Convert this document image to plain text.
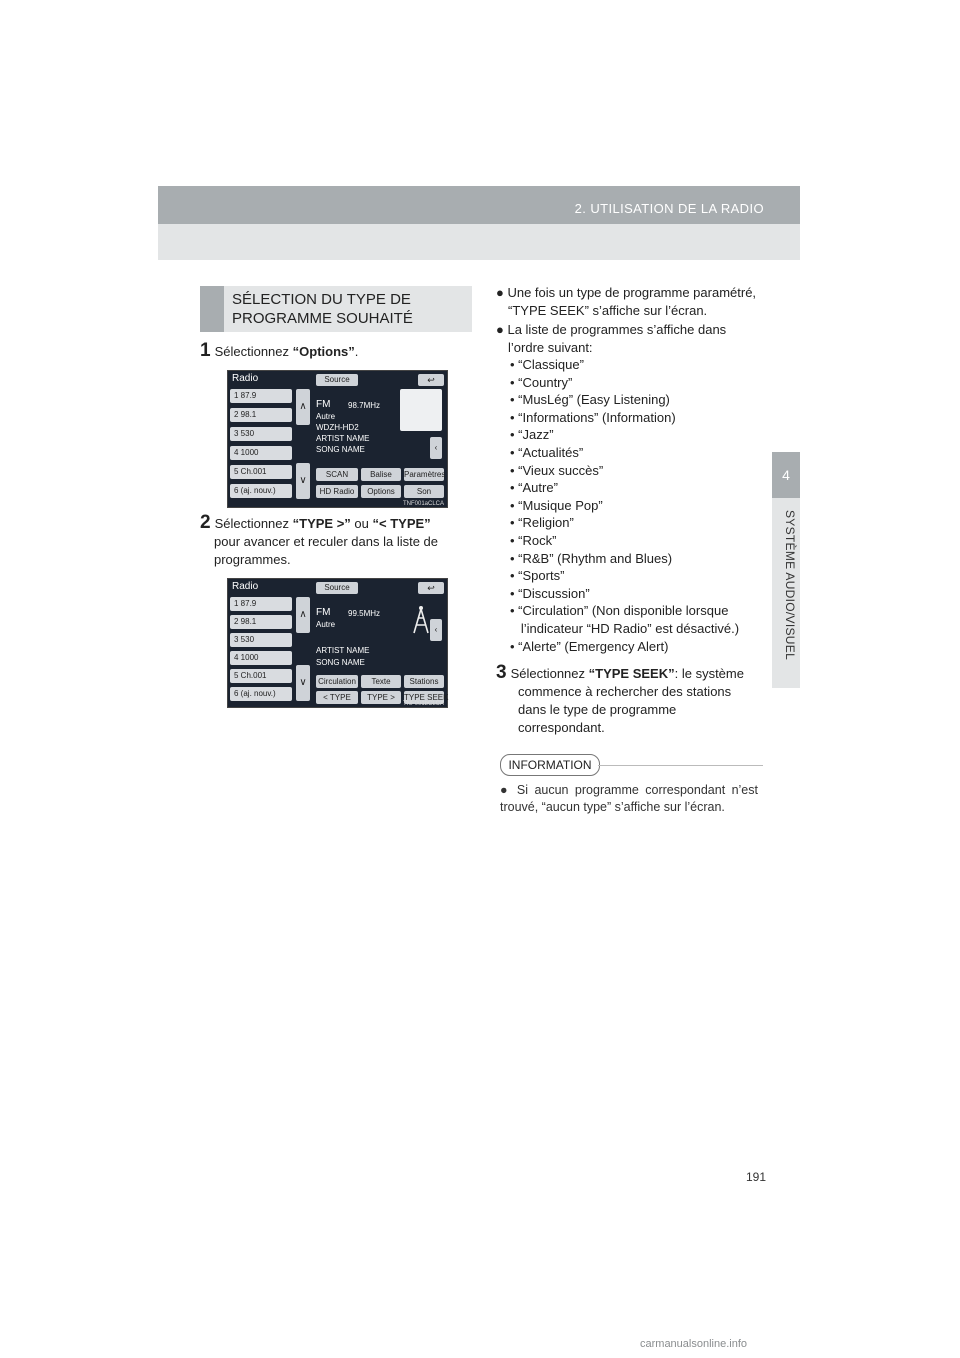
2. UTILISATION DE LA RADIO
4
SYSTÈME AUDIO/VISUEL
SÉLECTION DU TYPE DE
PROGRAMME SOUHAITÉ
1 Sélectionnez “Options”.
Radio	Source	↩
1 87.9
2 98.1
3 530
4 1000
5 Ch.001
6 (aj. nouv.)
∧
∨
FM 98.7MHz
Autre
WDZH-HD2
ARTIST NAME
SONG NAME	‹
SCAN	Balise	Paramètres
HD Radio	Options	Son
TNF001aCLCA
2 Sélectionnez “TYPE >” ou “< TYPE”
pour avancer et reculer dans la liste de
programmes.
Radio	Source	↩
1 87.9
2 98.1
3 530
4 1000
5 Ch.001
6 (aj. nouv.)
∧
∨
FM 99.5MHz
Autre
ARTIST NAME
SONG NAME
‹
Circulation	Texte	Stations
< TYPE	TYPE >	TYPE SEEK
TNF001bCLCA
● Une fois un type de programme paramétré,
“TYPE SEEK” s’affiche sur l’écran.
● La liste de programmes s’affiche dans
l’ordre suivant:
• “Classique”
• “Country”
• “MusLég” (Easy Listening)
• “Informations” (Information)
• “Jazz”
• “Actualités”
• “Vieux succès”
• “Autre”
• “Musique Pop”
• “Religion”
• “Rock”
• “R&B” (Rhythm and Blues)
• “Sports”
• “Discussion”
• “Circulation” (Non disponible lorsque
l’indicateur “HD Radio” est désactivé.)
• “Alerte” (Emergency Alert)
3 Sélectionnez “TYPE SEEK”: le système
commence à rechercher des stations
dans le type de programme
correspondant.
INFORMATION
● Si aucun programme correspondant n’est trouvé, “aucun type” s’affiche sur l’écran.
191
carmanualsonline.info
